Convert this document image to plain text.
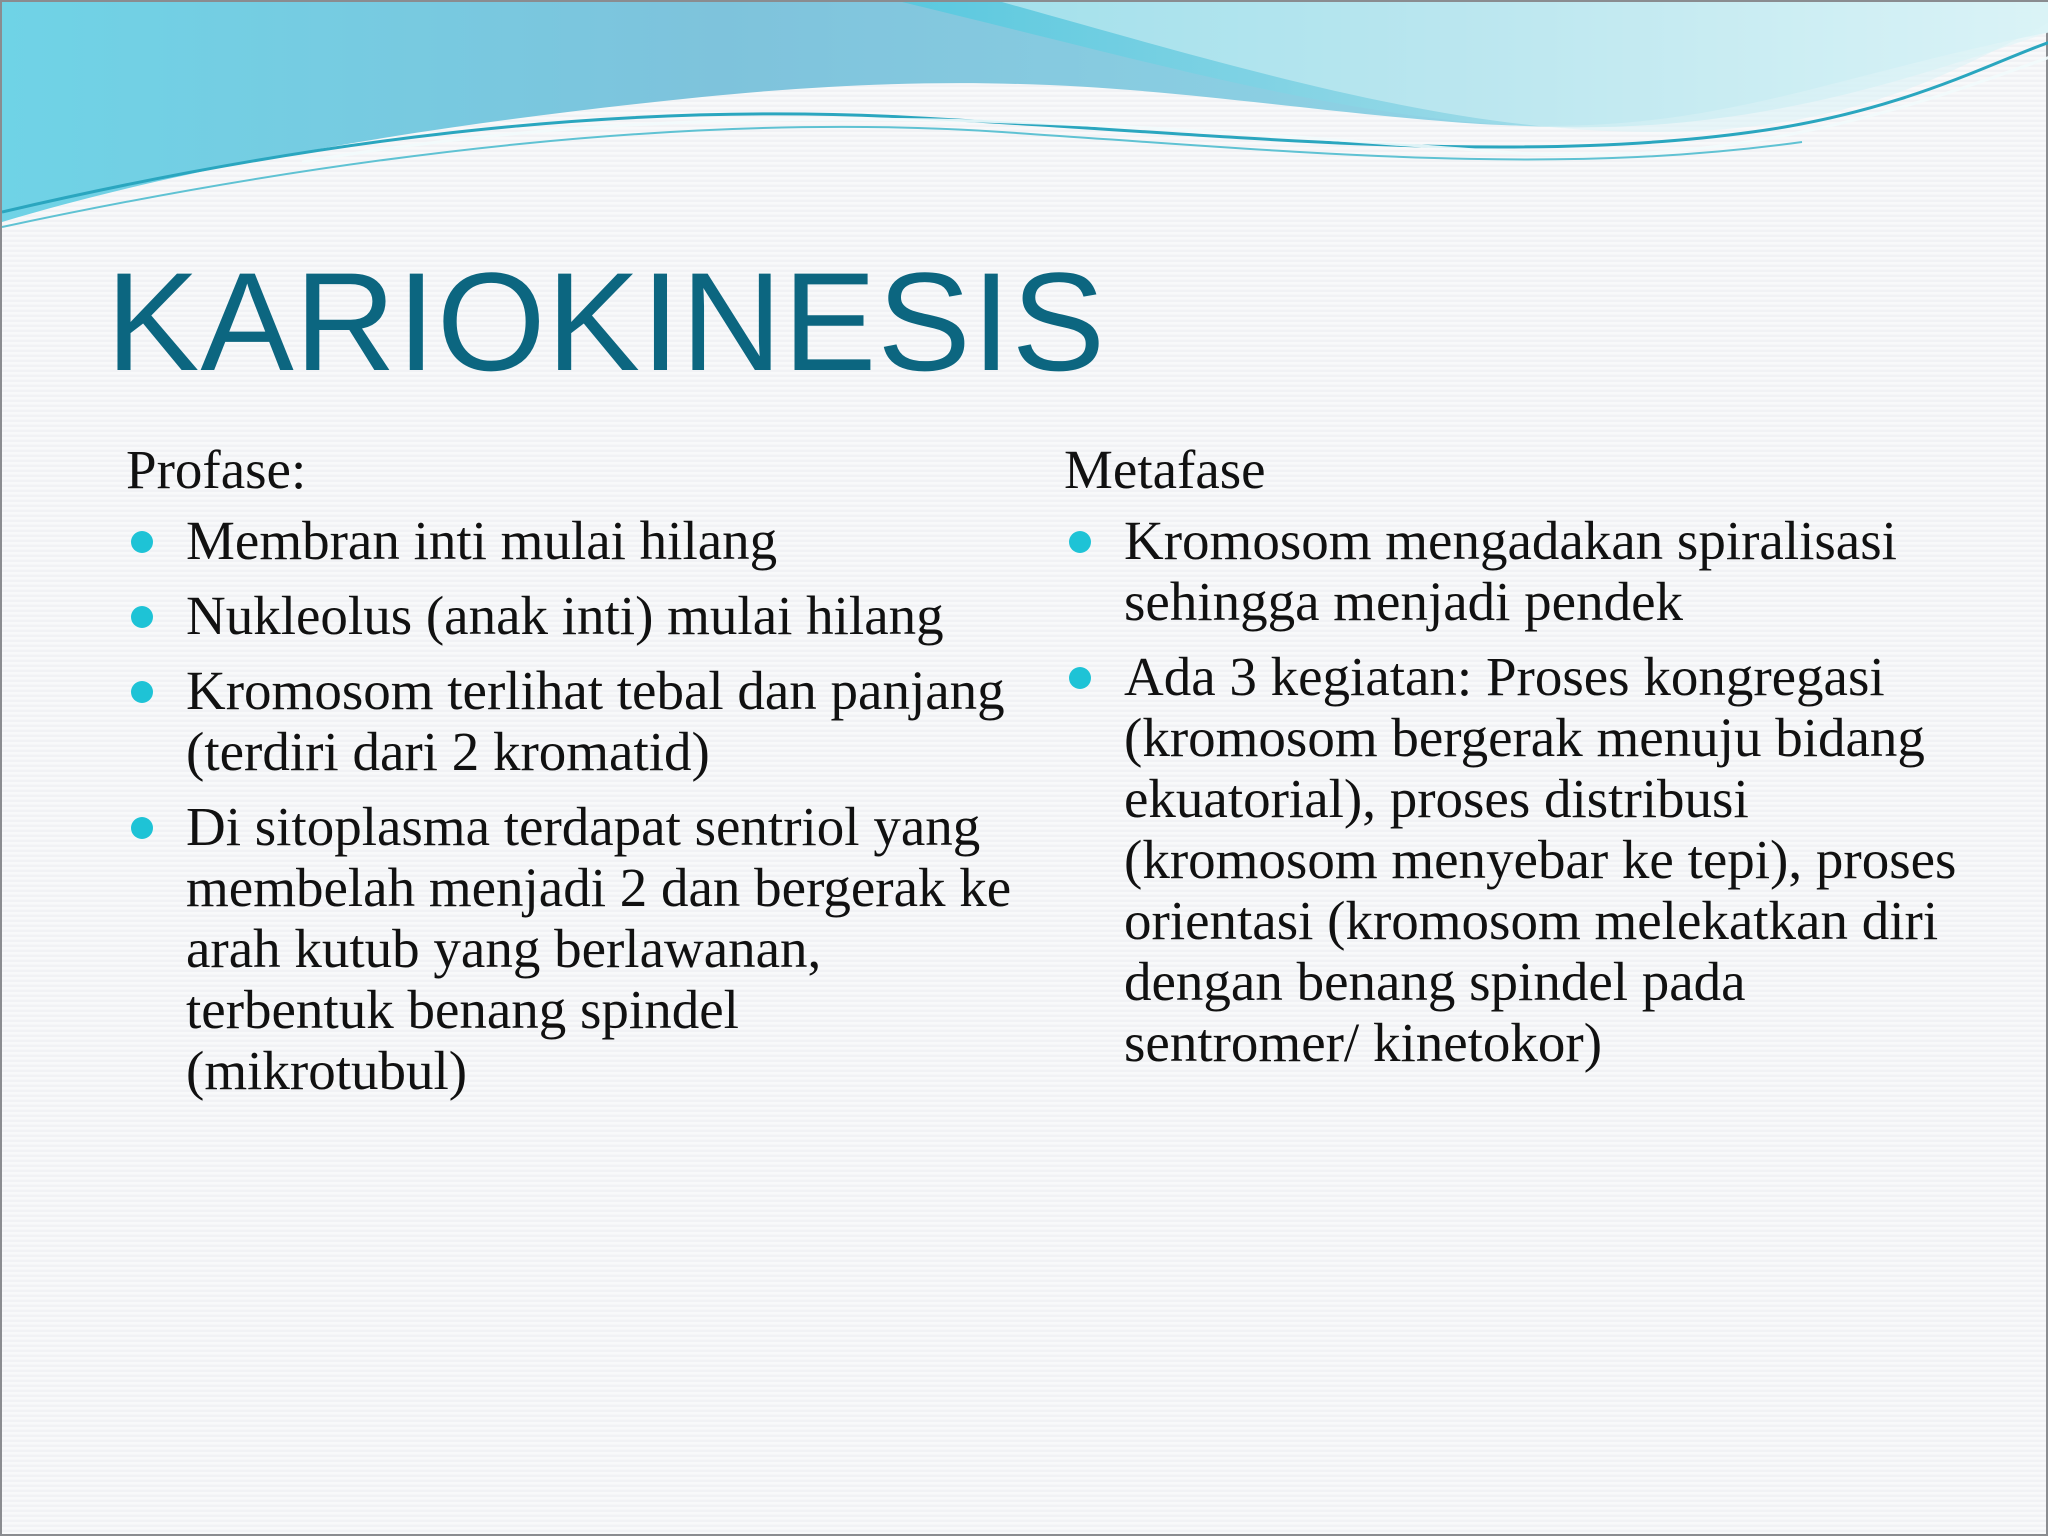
KARIOKINESIS

Profase:

Membran inti mulai hilang
Nukleolus (anak inti) mulai hilang
Kromosom terlihat tebal dan panjang (terdiri dari 2 kromatid)
Di sitoplasma terdapat sentriol yang membelah menjadi 2 dan bergerak ke arah kutub yang berlawanan, terbentuk benang spindel (mikrotubul)

Metafase

Kromosom mengadakan spiralisasi sehingga menjadi pendek
Ada 3 kegiatan: Proses kongregasi (kromosom bergerak menuju bidang ekuatorial), proses distribusi (kromosom menyebar ke tepi), proses orientasi (kromosom melekatkan diri dengan benang spindel pada sentromer/ kinetokor)
